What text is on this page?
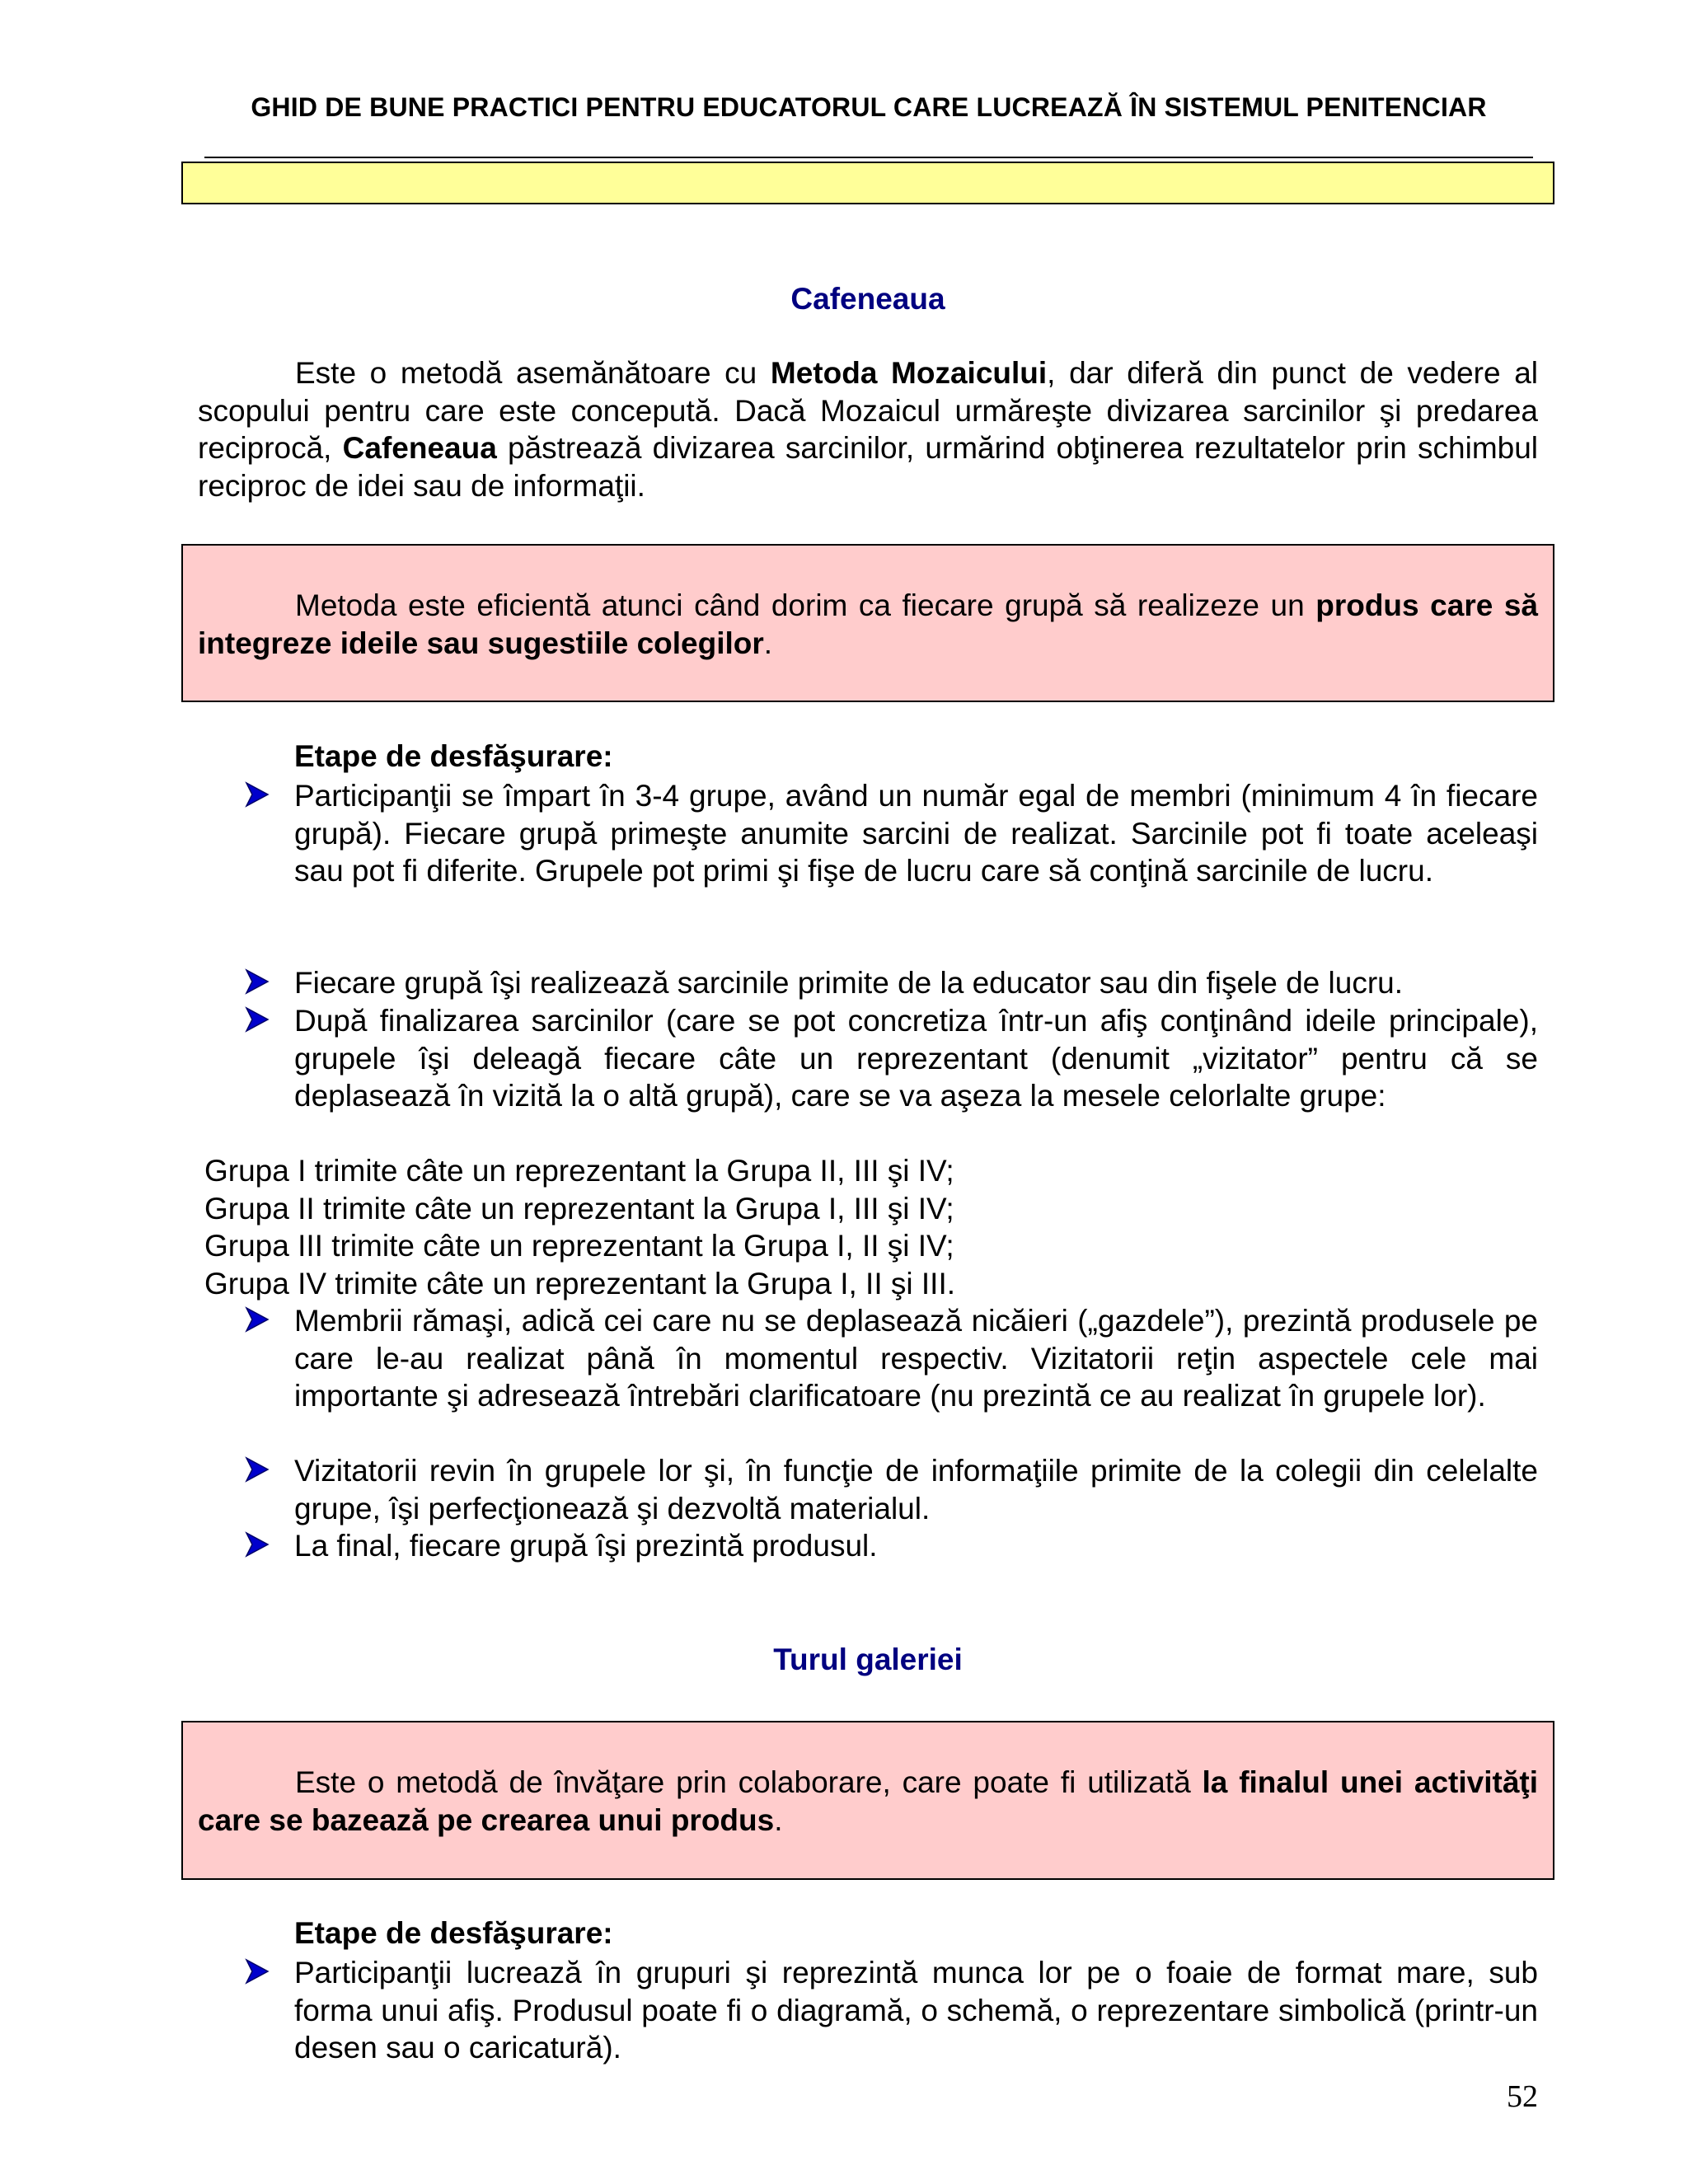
GHID DE BUNE PRACTICI PENTRU EDUCATORUL CARE LUCREAZĂ ÎN SISTEMUL PENITENCIAR
Cafeneaua

Este o metodă asemănătoare cu Metoda Mozaicului, dar diferă din punct de vedere al scopului pentru care este concepută. Dacă Mozaicul urmăreşte divizarea sarcinilor şi predarea reciprocă, Cafeneaua păstrează divizarea sarcinilor, urmărind obţinerea rezultatelor prin schimbul reciproc de idei sau de informaţii.

Metoda este eficientă atunci când dorim ca fiecare grupă să realizeze un produs care să integreze ideile sau sugestiile colegilor.
Etape de desfăşurare:
Participanţii se împart în 3-4 grupe, având un număr egal de membri (minimum 4 în fiecare grupă). Fiecare grupă primeşte anumite sarcini de realizat. Sarcinile pot fi toate aceleaşi sau pot fi diferite. Grupele pot primi şi fişe de lucru care să conţină sarcinile de lucru.
Fiecare grupă îşi realizează sarcinile primite de la educator sau din fişele de lucru.
După finalizarea sarcinilor (care se pot concretiza într-un afiş conţinând ideile principale), grupele îşi deleagă fiecare câte un reprezentant (denumit „vizitator” pentru că se deplasează în vizită la o altă grupă), care se va aşeza la mesele celorlalte grupe:
Grupa I trimite câte un reprezentant la Grupa II, III şi IV;
Grupa II trimite câte un reprezentant la Grupa I, III şi IV;
Grupa III trimite câte un reprezentant la Grupa I, II şi IV;
Grupa IV trimite câte un reprezentant la Grupa I, II şi III.
Membrii rămaşi, adică cei care nu se deplasează nicăieri („gazdele”), prezintă produsele pe care le-au realizat până în momentul respectiv. Vizitatorii reţin aspectele cele mai importante şi adresează întrebări clarificatoare (nu prezintă ce au realizat în grupele lor).
Vizitatorii revin în grupele lor şi, în funcţie de informaţiile primite de la colegii din celelalte grupe, îşi perfecţionează şi dezvoltă materialul.
La final, fiecare grupă îşi prezintă produsul.
Turul galeriei
Este o metodă de învăţare prin colaborare, care poate fi utilizată la finalul unei activităţi care se bazează pe crearea unui produs.
Etape de desfăşurare:
Participanţii lucrează în grupuri şi reprezintă munca lor pe o foaie de format mare, sub forma unui afiş. Produsul poate fi o diagramă, o schemă, o reprezentare simbolică (printr-un desen sau o caricatură).
52
